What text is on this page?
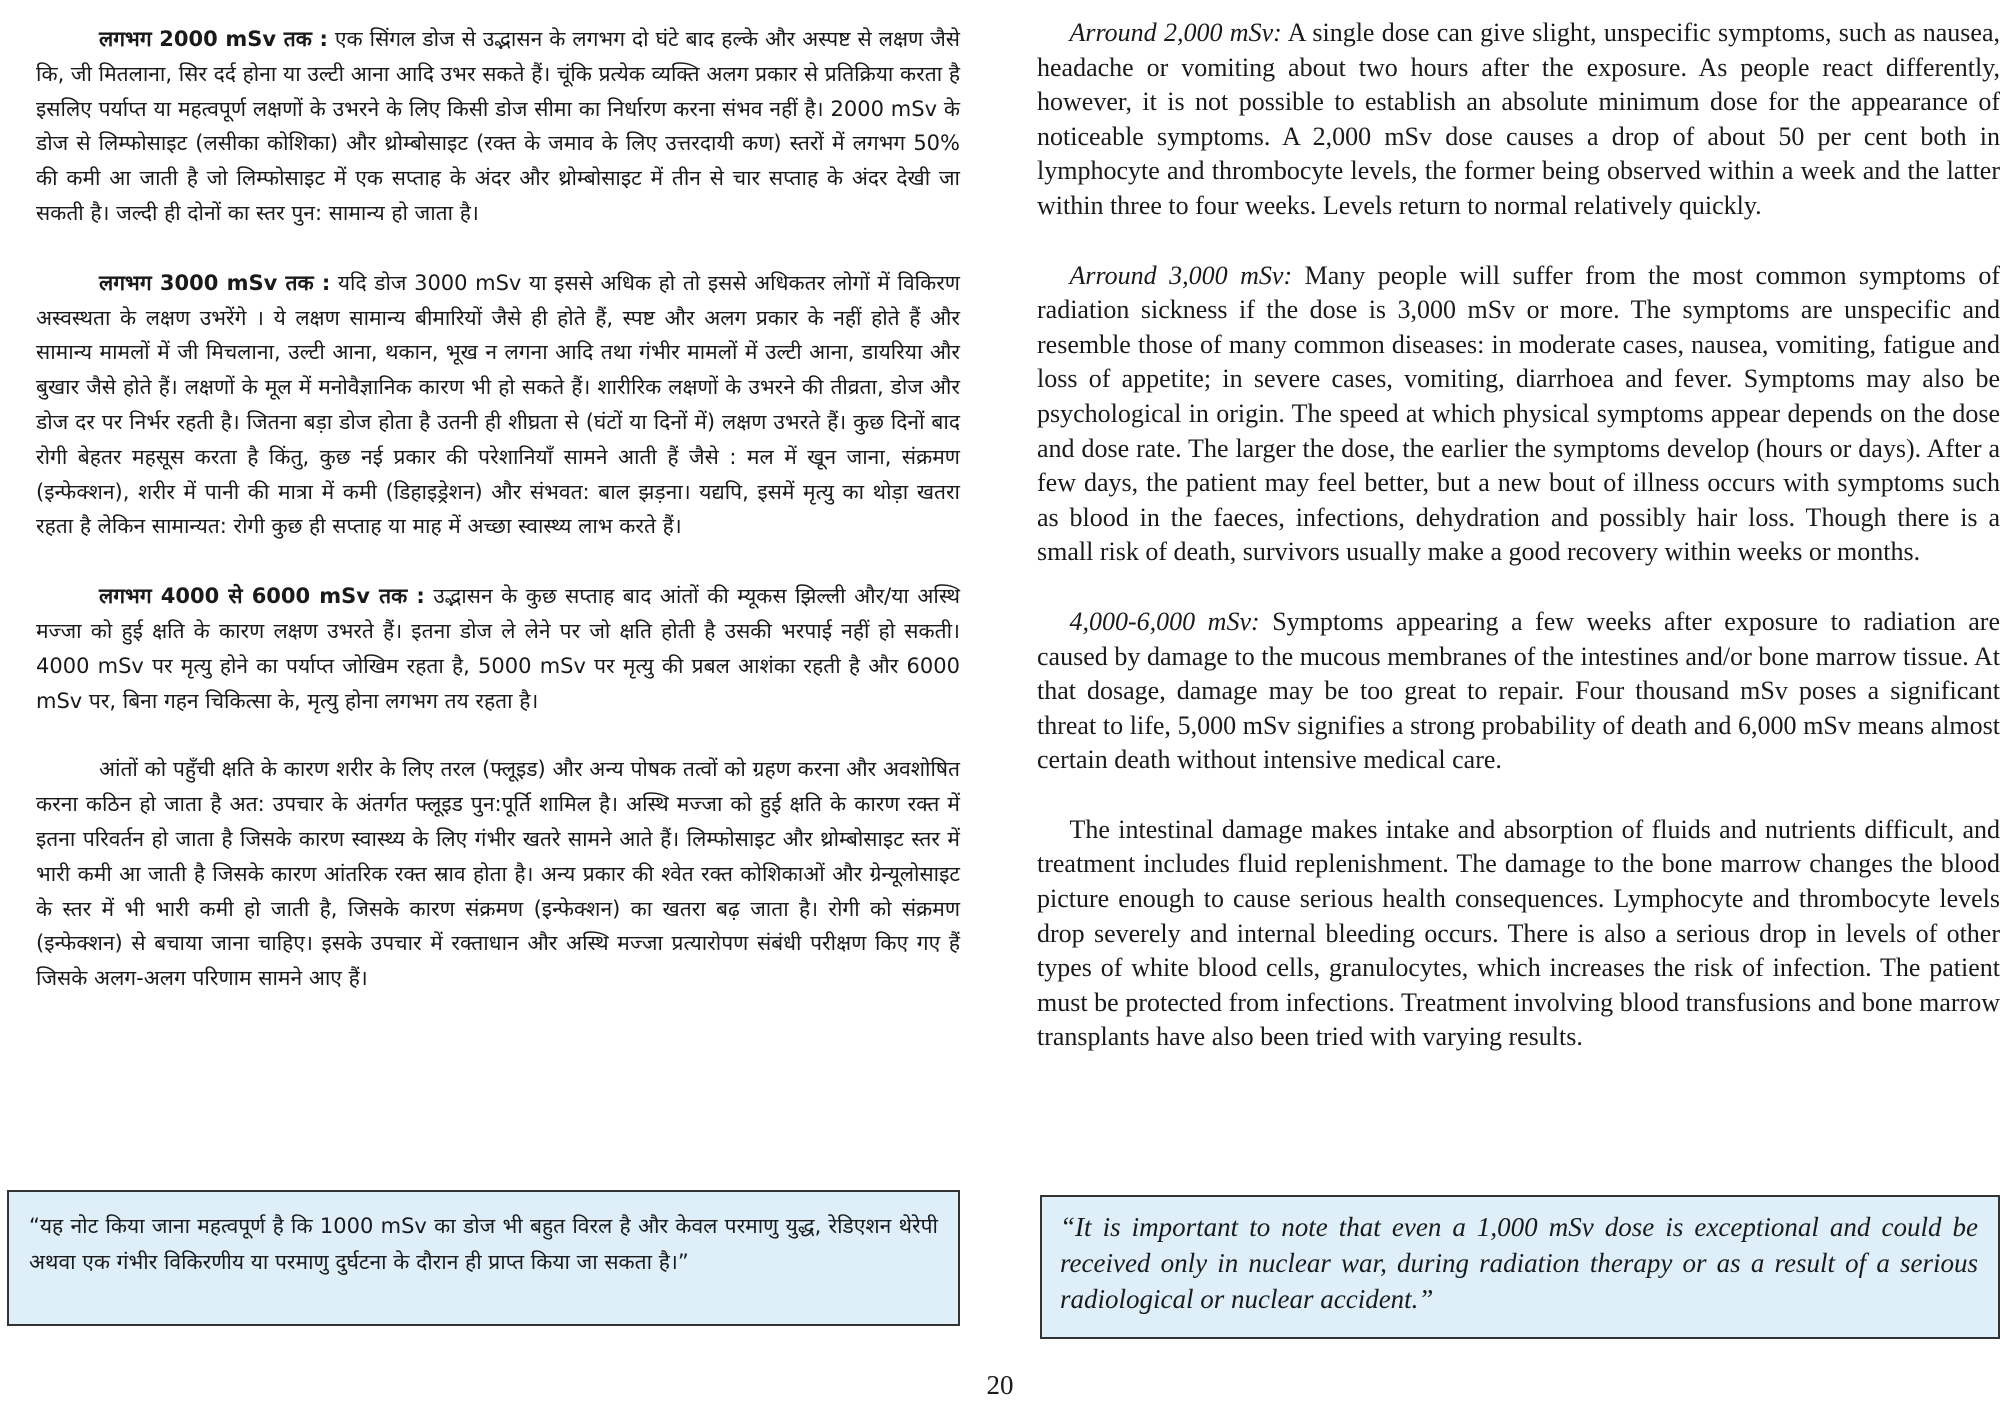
लगभग 2000 mSv तक : एक सिंगल डोज से उद्भासन के लगभग दो घंटे बाद हल्के और अस्पष्ट से लक्षण जैसे कि, जी मितलाना, सिर दर्द होना या उल्टी आना आदि उभर सकते हैं। चूंकि प्रत्येक व्यक्ति अलग प्रकार से प्रतिक्रिया करता है इसलिए पर्याप्त या महत्वपूर्ण लक्षणों के उभरने के लिए किसी डोज सीमा का निर्धारण करना संभव नहीं है। 2000 mSv के डोज से लिम्फोसाइट (लसीका कोशिका) और थ्रोम्बोसाइट (रक्त के जमाव के लिए उत्तरदायी कण) स्तरों में लगभग 50% की कमी आ जाती है जो लिम्फोसाइट में एक सप्ताह के अंदर और थ्रोम्बोसाइट में तीन से चार सप्ताह के अंदर देखी जा सकती है। जल्दी ही दोनों का स्तर पुन: सामान्य हो जाता है।

लगभग 3000 mSv तक : यदि डोज 3000 mSv या इससे अधिक हो तो इससे अधिकतर लोगों में विकिरण अस्वस्थता के लक्षण उभरेंगे । ये लक्षण सामान्य बीमारियों जैसे ही होते हैं, स्पष्ट और अलग प्रकार के नहीं होते हैं और सामान्य मामलों में जी मिचलाना, उल्टी आना, थकान, भूख न लगना आदि तथा गंभीर मामलों में उल्टी आना, डायरिया और बुखार जैसे होते हैं। लक्षणों के मूल में मनोवैज्ञानिक कारण भी हो सकते हैं। शारीरिक लक्षणों के उभरने की तीव्रता, डोज और डोज दर पर निर्भर रहती है। जितना बड़ा डोज होता है उतनी ही शीघ्रता से (घंटों या दिनों में) लक्षण उभरते हैं। कुछ दिनों बाद रोगी बेहतर महसूस करता है किंतु, कुछ नई प्रकार की परेशानियाँ सामने आती हैं जैसे : मल में खून जाना, संक्रमण (इन्फेक्शन), शरीर में पानी की मात्रा में कमी (डिहाइड्रेशन) और संभवत: बाल झड़ना। यद्यपि, इसमें मृत्यु का थोड़ा खतरा रहता है लेकिन सामान्यत: रोगी कुछ ही सप्ताह या माह में अच्छा स्वास्थ्य लाभ करते हैं।

लगभग 4000 से 6000 mSv तक : उद्भासन के कुछ सप्ताह बाद आंतों की म्यूकस झिल्ली और/या अस्थि मज्जा को हुई क्षति के कारण लक्षण उभरते हैं। इतना डोज ले लेने पर जो क्षति होती है उसकी भरपाई नहीं हो सकती। 4000 mSv पर मृत्यु होने का पर्याप्त जोखिम रहता है, 5000 mSv पर मृत्यु की प्रबल आशंका रहती है और 6000 mSv पर, बिना गहन चिकित्सा के, मृत्यु होना लगभग तय रहता है।

आंतों को पहुँची क्षति के कारण शरीर के लिए तरल (फ्लूइड) और अन्य पोषक तत्वों को ग्रहण करना और अवशोषित करना कठिन हो जाता है अत: उपचार के अंतर्गत फ्लूइड पुन:पूर्ति शामिल है। अस्थि मज्जा को हुई क्षति के कारण रक्त में इतना परिवर्तन हो जाता है जिसके कारण स्वास्थ्य के लिए गंभीर खतरे सामने आते हैं। लिम्फोसाइट और थ्रोम्बोसाइट स्तर में भारी कमी आ जाती है जिसके कारण आंतरिक रक्त स्राव होता है। अन्य प्रकार की श्वेत रक्त कोशिकाओं और ग्रेन्यूलोसाइट के स्तर में भी भारी कमी हो जाती है, जिसके कारण संक्रमण (इन्फेक्शन) का खतरा बढ़ जाता है। रोगी को संक्रमण (इन्फेक्शन) से बचाया जाना चाहिए। इसके उपचार में रक्ताधान और अस्थि मज्जा प्रत्यारोपण संबंधी परीक्षण किए गए हैं जिसके अलग-अलग परिणाम सामने आए हैं।

“यह नोट किया जाना महत्वपूर्ण है कि 1000 mSv का डोज भी बहुत विरल है और केवल परमाणु युद्ध, रेडिएशन थेरेपी अथवा एक गंभीर विकिरणीय या परमाणु दुर्घटना के दौरान ही प्राप्त किया जा सकता है।”

Arround 2,000 mSv: A single dose can give slight, unspecific symptoms, such as nausea, headache or vomiting about two hours after the exposure. As people react differently, however, it is not possible to establish an absolute minimum dose for the appearance of noticeable symptoms. A 2,000 mSv dose causes a drop of about 50 per cent both in lymphocyte and thrombocyte levels, the former being observed within a week and the latter within three to four weeks. Levels return to normal relatively quickly.

Arround 3,000 mSv: Many people will suffer from the most common symptoms of radiation sickness if the dose is 3,000 mSv or more. The symptoms are unspecific and resemble those of many common diseases: in moderate cases, nausea, vomiting, fatigue and loss of appetite; in severe cases, vomiting, diarrhoea and fever. Symptoms may also be psychological in origin. The speed at which physical symptoms appear depends on the dose and dose rate. The larger the dose, the earlier the symptoms develop (hours or days). After a few days, the patient may feel better, but a new bout of illness occurs with symptoms such as blood in the faeces, infections, dehydration and possibly hair loss. Though there is a small risk of death, survivors usually make a good recovery within weeks or months.

4,000-6,000 mSv: Symptoms appearing a few weeks after exposure to radiation are caused by damage to the mucous membranes of the intestines and/or bone marrow tissue. At that dosage, damage may be too great to repair. Four thousand mSv poses a significant threat to life, 5,000 mSv signifies a strong probability of death and 6,000 mSv means almost certain death without intensive medical care.

The intestinal damage makes intake and absorption of fluids and nutrients difficult, and treatment includes fluid replenishment. The damage to the bone marrow changes the blood picture enough to cause serious health consequences. Lymphocyte and thrombocyte levels drop severely and internal bleeding occurs. There is also a serious drop in levels of other types of white blood cells, granulocytes, which increases the risk of infection. The patient must be protected from infections. Treatment involving blood transfusions and bone marrow transplants have also been tried with varying results.

“It is important to note that even a 1,000 mSv dose is exceptional and could be received only in nuclear war, during radiation therapy or as a result of a serious radiological or nuclear accident.”
20
